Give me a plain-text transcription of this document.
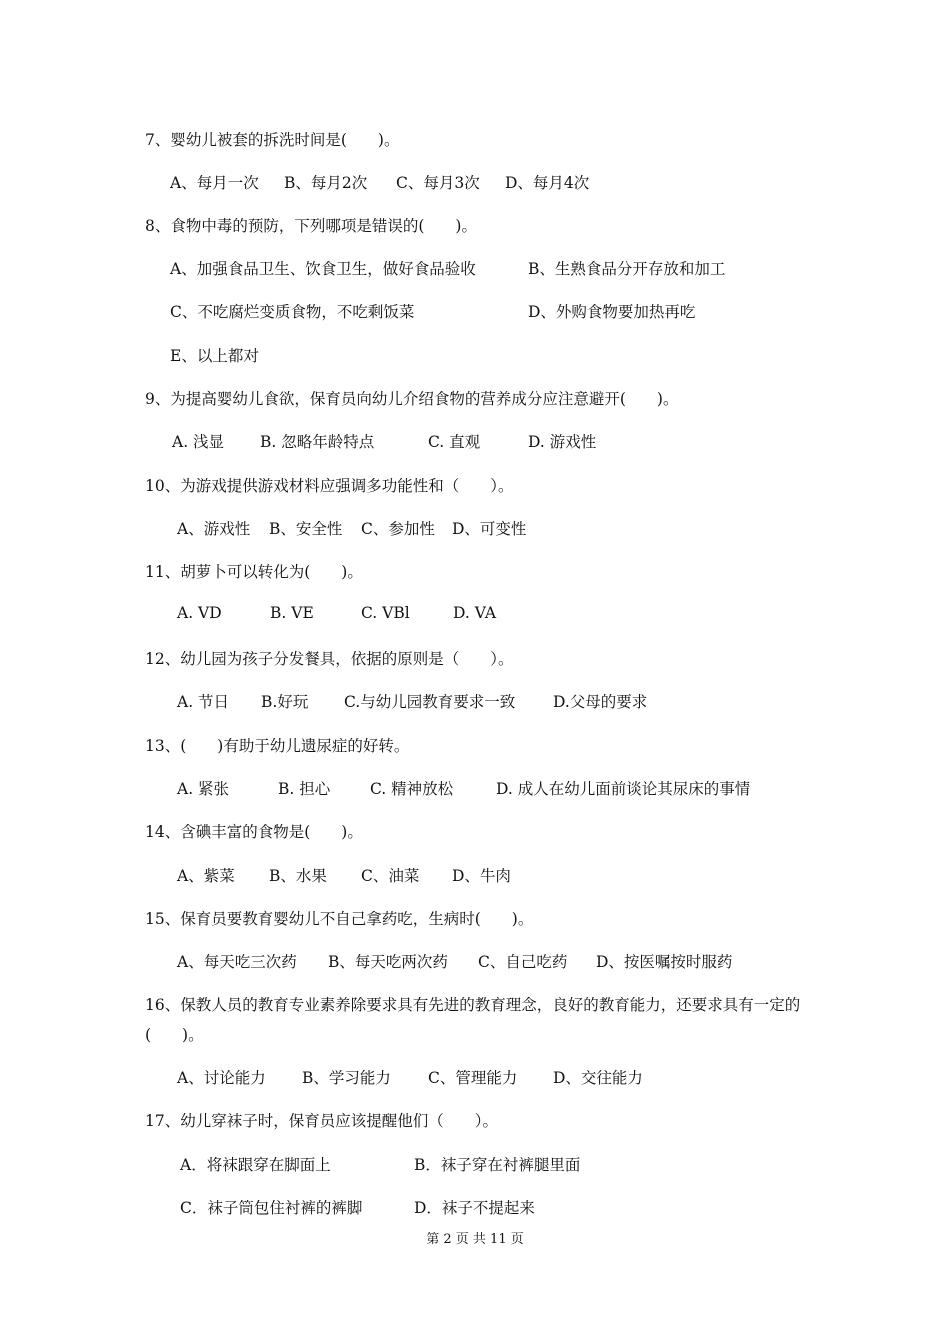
7、婴幼儿被套的拆洗时间是(　　)。
A、每月一次 B、每月2次 C、每月3次 D、每月4次
8、食物中毒的预防，下列哪项是错误的(　　)。
A、加强食品卫生、饮食卫生，做好食品验收	B、生熟食品分开存放和加工
C、不吃腐烂变质食物，不吃剩饭菜	D、外购食物要加热再吃
E、以上都对
9、为提高婴幼儿食欲，保育员向幼儿介绍食物的营养成分应注意避开(　　)。
A. 浅显 B. 忽略年龄特点	C. 直观	D. 游戏性
10、为游戏提供游戏材料应强调多功能性和（　　）。
A、游戏性 B、安全性 C、参加性 D、可变性
11、胡萝卜可以转化为(　　)。
A. VD	B. VE	C. VBl	D. VA
12、幼儿园为孩子分发餐具，依据的原则是（　　）。
A. 节日 B.好玩 C.与幼儿园教育要求一致 D.父母的要求
13、(　　)有助于幼儿遗尿症的好转。
A. 紧张	B. 担心	C. 精神放松	D. 成人在幼儿面前谈论其尿床的事情
14、含碘丰富的食物是(　　)。
A、紫菜 B、水果 C、油菜 D、牛肉
15、保育员要教育婴幼儿不自己拿药吃，生病时(　　)。
A、每天吃三次药 B、每天吃两次药 C、自己吃药 D、按医嘱按时服药
16、保教人员的教育专业素养除要求具有先进的教育理念，良好的教育能力，还要求具有一定的(　　)。
A、讨论能力 B、学习能力 C、管理能力 D、交往能力
17、幼儿穿袜子时，保育员应该提醒他们（　　）。
A．将袜跟穿在脚面上	B．袜子穿在衬裤腿里面
C．袜子筒包住衬裤的裤脚	D．袜子不提起来
第 2 页 共 11 页
